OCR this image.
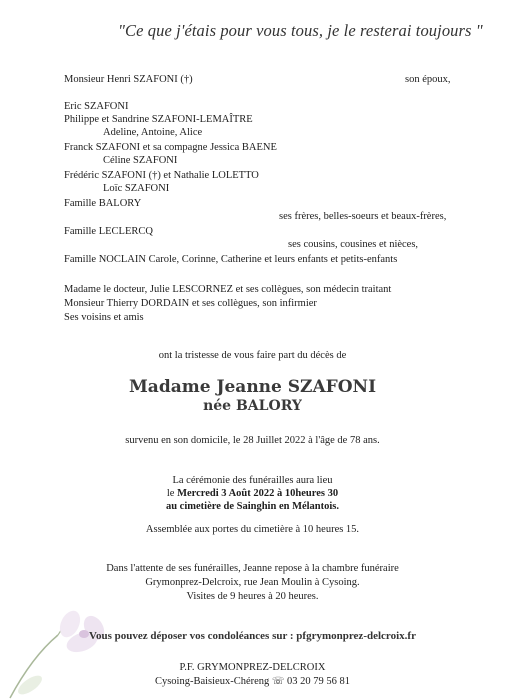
"Ce que j'étais pour vous tous, je le resterai toujours "
Monsieur Henri SZAFONI (†)	son époux,
Eric SZAFONI
Philippe et Sandrine SZAFONI-LEMAÎTRE
Adeline, Antoine, Alice
Franck SZAFONI et sa compagne Jessica BAENE
Céline SZAFONI
Frédéric SZAFONI (†) et Nathalie LOLETTO
Loïc SZAFONI
Famille BALORY
ses frères, belles-soeurs et beaux-frères,
Famille LECLERCQ
ses cousins, cousines et nièces,
Famille NOCLAIN Carole, Corinne, Catherine et leurs enfants et petits-enfants
Madame le docteur, Julie LESCORNEZ et ses collègues, son médecin traitant
Monsieur Thierry DORDAIN et ses collègues, son infirmier
Ses voisins et amis
ont la tristesse de vous faire part du décès de
Madame Jeanne SZAFONI
née BALORY
survenu en son domicile, le 28 Juillet 2022 à l'âge de 78 ans.
La cérémonie des funérailles aura lieu
le Mercredi 3 Août 2022 à 10heures 30
au cimetière de Sainghin en Mélantois.
Assemblée aux portes du cimetière à 10 heures 15.
Dans l'attente de ses funérailles, Jeanne repose à la chambre funéraire
Grymonprez-Delcroix, rue Jean Moulin à Cysoing.
Visites de 9 heures à 20 heures.
Vous pouvez déposer vos condoléances sur : pfgrymonprez-delcroix.fr
P.F. GRYMONPREZ-DELCROIX
Cysoing-Baisieux-Chéreng ☏ 03 20 79 56 81
